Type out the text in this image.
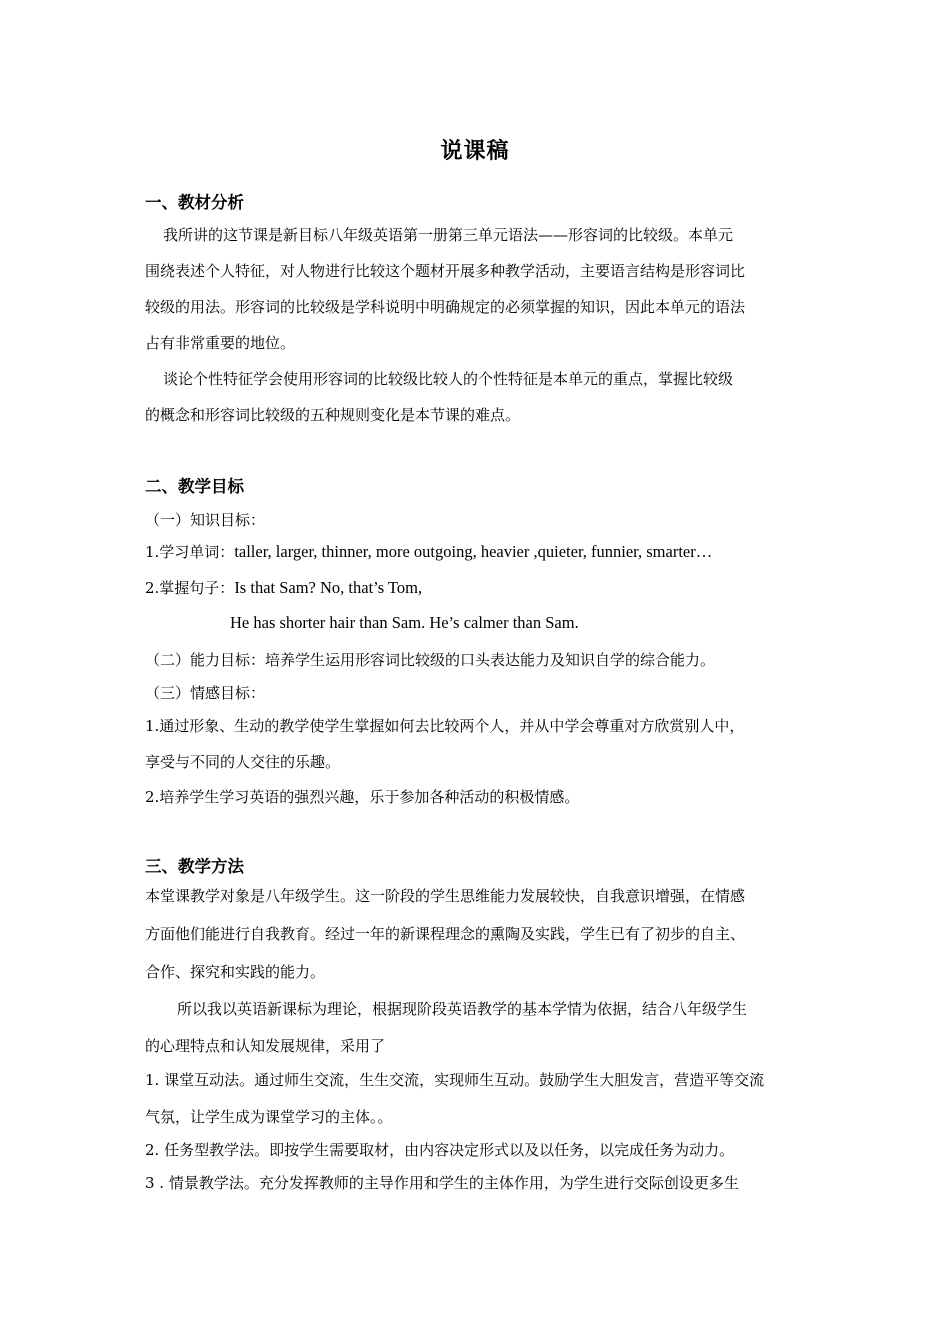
说课稿
一、教材分析
我所讲的这节课是新目标八年级英语第一册第三单元语法——形容词的比较级。本单元
围绕表述个人特征，对人物进行比较这个题材开展多种教学活动，主要语言结构是形容词比
较级的用法。形容词的比较级是学科说明中明确规定的必须掌握的知识，因此本单元的语法
占有非常重要的地位。
谈论个性特征学会使用形容词的比较级比较人的个性特征是本单元的重点，掌握比较级
的概念和形容词比较级的五种规则变化是本节课的难点。
二、教学目标
（一）知识目标：
1.学习单词：taller, larger, thinner, more outgoing, heavier ,quieter, funnier, smarter…
2.掌握句子：Is that Sam? No, that’s Tom,
He has shorter hair than Sam. He’s calmer than Sam.
（二）能力目标：培养学生运用形容词比较级的口头表达能力及知识自学的综合能力。
（三）情感目标：
1.通过形象、生动的教学使学生掌握如何去比较两个人，并从中学会尊重对方欣赏别人中，
享受与不同的人交往的乐趣。
2.培养学生学习英语的强烈兴趣，乐于参加各种活动的积极情感。
三、教学方法
本堂课教学对象是八年级学生。这一阶段的学生思维能力发展较快，自我意识增强，在情感
方面他们能进行自我教育。经过一年的新课程理念的熏陶及实践，学生已有了初步的自主、
合作、探究和实践的能力。
所以我以英语新课标为理论，根据现阶段英语教学的基本学情为依据，结合八年级学生
的心理特点和认知发展规律，采用了
1. 课堂互动法。通过师生交流，生生交流，实现师生互动。鼓励学生大胆发言，营造平等交流
气氛，让学生成为课堂学习的主体。。
2. 任务型教学法。即按学生需要取材，由内容决定形式以及以任务，以完成任务为动力。
3 . 情景教学法。充分发挥教师的主导作用和学生的主体作用，为学生进行交际创设更多生
